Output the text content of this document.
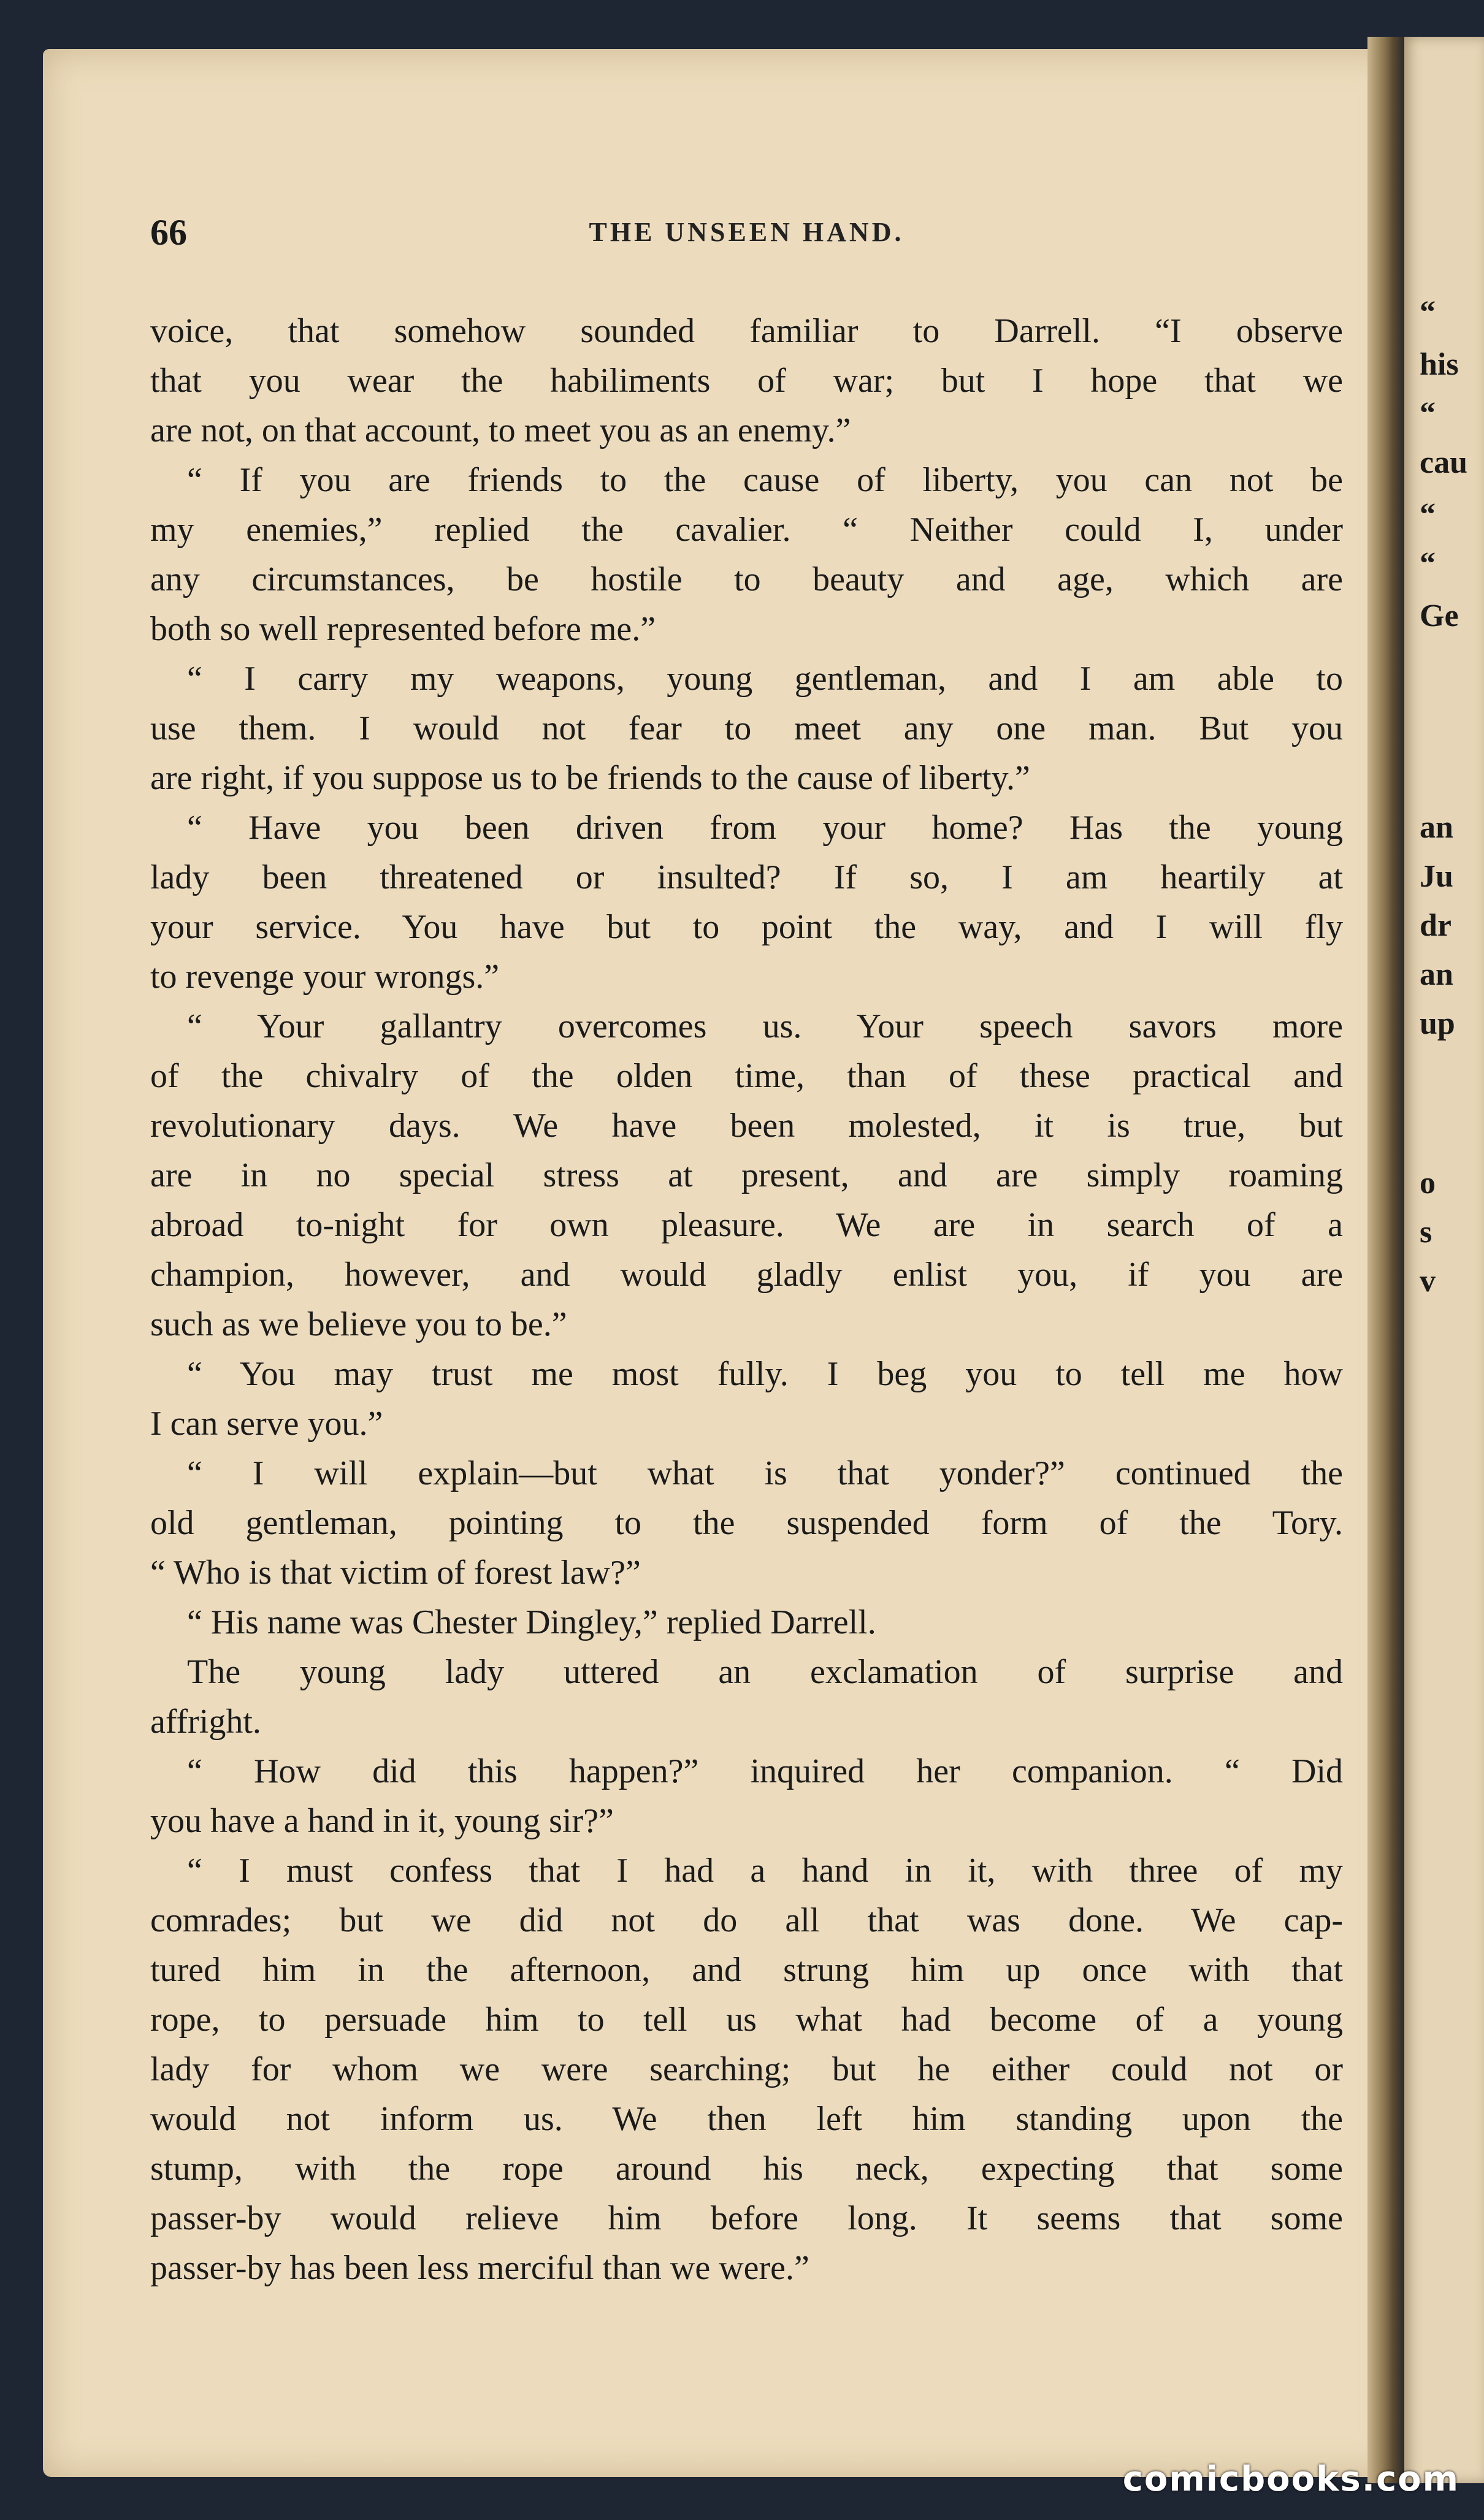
“
his
“
cau
“
“
Ge
an
Ju
dr
an
up
o
s
v
66	THE UNSEEN HAND.
voice, that somehow sounded familiar to Darrell. “I observe
that you wear the habiliments of war; but I hope that we
are not, on that account, to meet you as an enemy.”
“ If you are friends to the cause of liberty, you can not be
my enemies,” replied the cavalier. “ Neither could I, under
any circumstances, be hostile to beauty and age, which are
both so well represented before me.”
“ I carry my weapons, young gentleman, and I am able to
use them. I would not fear to meet any one man. But you
are right, if you suppose us to be friends to the cause of liberty.”
“ Have you been driven from your home? Has the young
lady been threatened or insulted? If so, I am heartily at
your service. You have but to point the way, and I will fly
to revenge your wrongs.”
“ Your gallantry overcomes us. Your speech savors more
of the chivalry of the olden time, than of these practical and
revolutionary days. We have been molested, it is true, but
are in no special stress at present, and are simply roaming
abroad to-night for own pleasure. We are in search of a
champion, however, and would gladly enlist you, if you are
such as we believe you to be.”
“ You may trust me most fully. I beg you to tell me how
I can serve you.”
“ I will explain—but what is that yonder?” continued the
old gentleman, pointing to the suspended form of the Tory.
“ Who is that victim of forest law?”
“ His name was Chester Dingley,” replied Darrell.
The young lady uttered an exclamation of surprise and
affright.
“ How did this happen?” inquired her companion. “ Did
you have a hand in it, young sir?”
“ I must confess that I had a hand in it, with three of my
comrades; but we did not do all that was done. We cap-
tured him in the afternoon, and strung him up once with that
rope, to persuade him to tell us what had become of a young
lady for whom we were searching; but he either could not or
would not inform us. We then left him standing upon the
stump, with the rope around his neck, expecting that some
passer-by would relieve him before long. It seems that some
passer-by has been less merciful than we were.”
comicbooks.com
